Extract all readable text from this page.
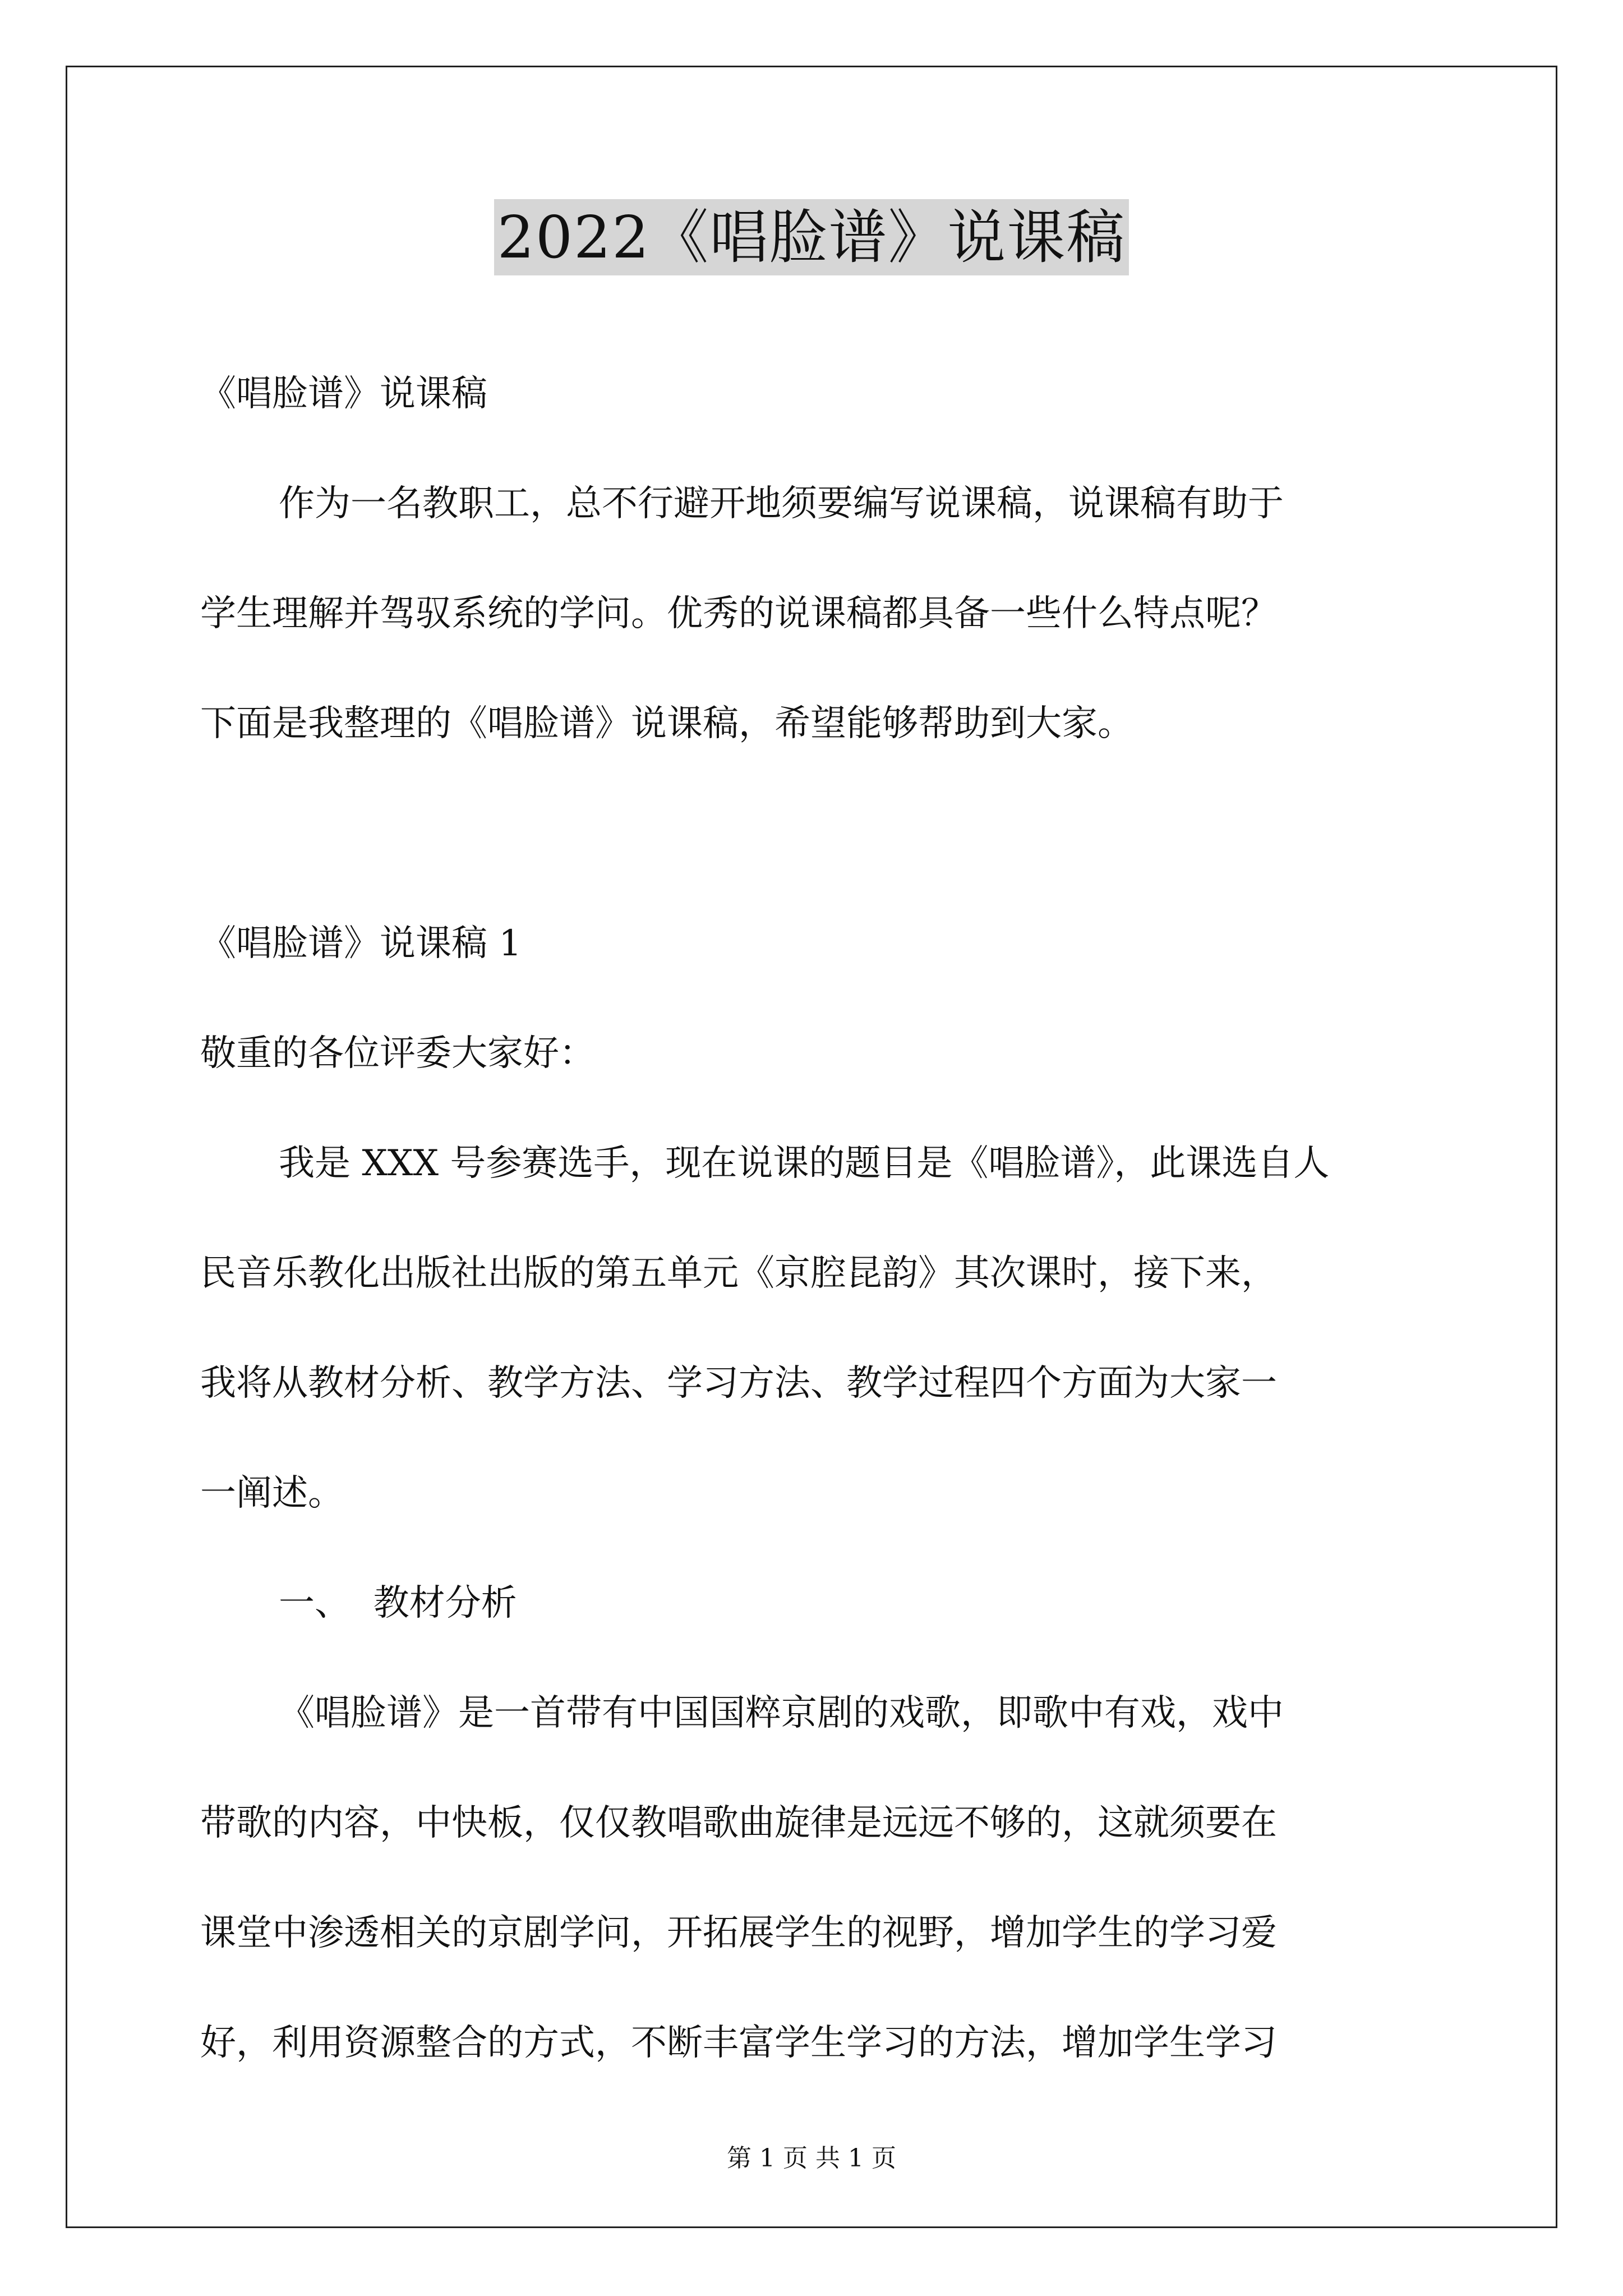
2022《唱脸谱》说课稿
《唱脸谱》说课稿
作为一名教职工，总不行避开地须要编写说课稿，说课稿有助于
学生理解并驾驭系统的学问。优秀的说课稿都具备一些什么特点呢？
下面是我整理的《唱脸谱》说课稿，希望能够帮助到大家。
《唱脸谱》说课稿 1
敬重的各位评委大家好：
我是 XXX 号参赛选手，现在说课的题目是《唱脸谱》，此课选自人
民音乐教化出版社出版的第五单元《京腔昆韵》其次课时，接下来，
我将从教材分析、教学方法、学习方法、教学过程四个方面为大家一
一阐述。
一、  教材分析
《唱脸谱》是一首带有中国国粹京剧的戏歌，即歌中有戏，戏中
带歌的内容，中快板，仅仅教唱歌曲旋律是远远不够的，这就须要在
课堂中渗透相关的京剧学问，开拓展学生的视野，增加学生的学习爱
好，利用资源整合的方式，不断丰富学生学习的方法，增加学生学习
第 1 页 共 1 页
